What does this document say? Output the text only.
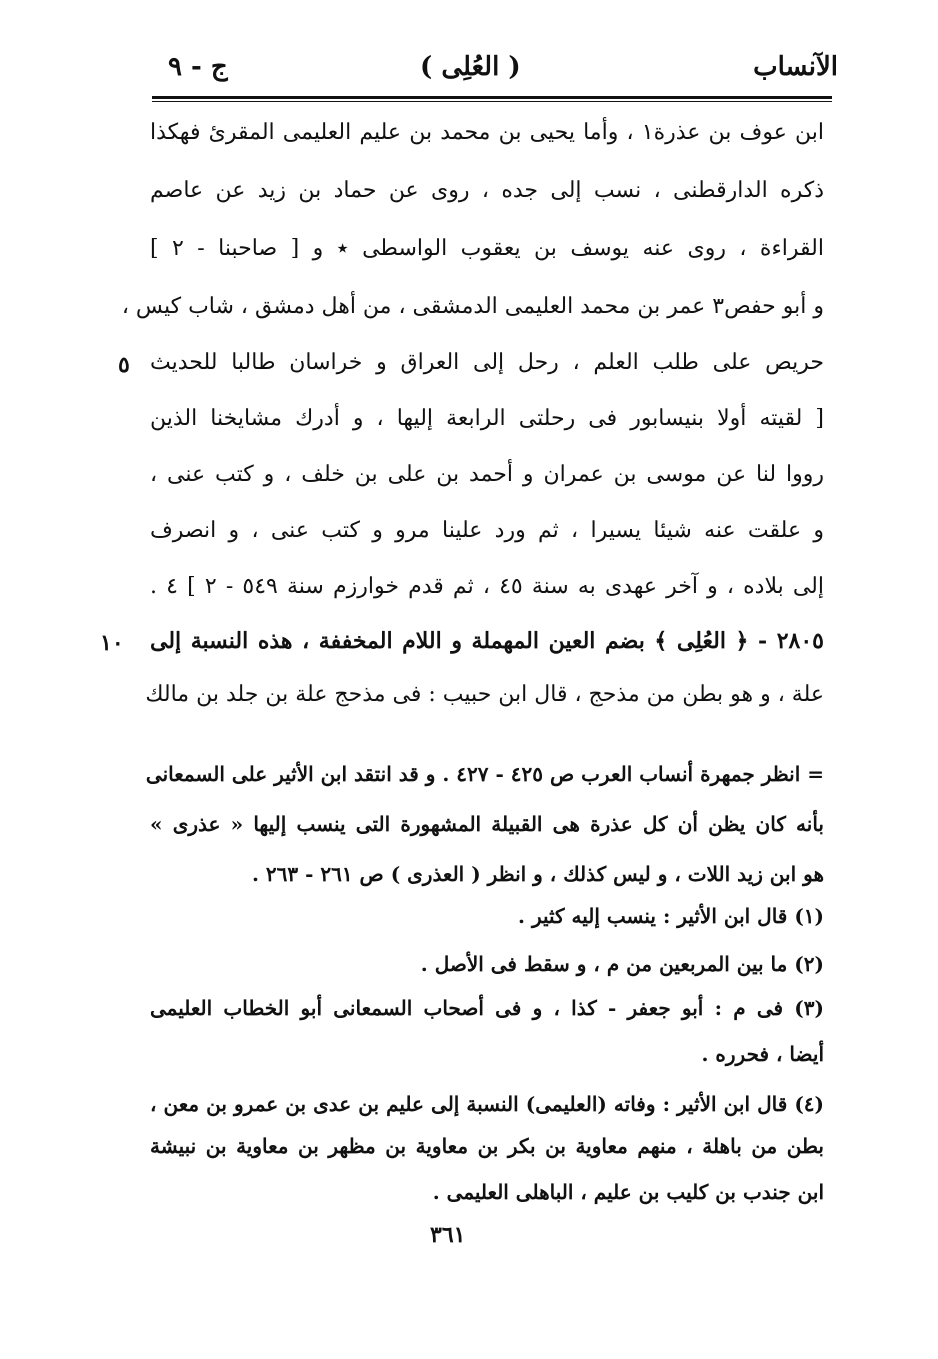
الآنساب
( العُلِى )
ج - ٩
ابن عوف بن عذرة١ ، وأما يحيى بن محمد بن عليم العليمى المقرئ فهكذا
ذكره الدارقطنى ، نسب إلى جده ، روى عن حماد بن زيد عن عاصم
القراءة ، روى عنه يوسف بن يعقوب الواسطى ٭ و [ صاحبنا - ٢ ]
و أبو حفص٣ عمر بن محمد العليمى الدمشقى ، من أهل دمشق ، شاب كيس ،
حريص على طلب العلم ، رحل إلى العراق و خراسان طالبا للحديث
[ لقيته أولا بنيسابور فى رحلتى الرابعة إليها ، و أدرك مشايخنا الذين
رووا لنا عن موسى بن عمران و أحمد بن على بن خلف ، و كتب عنى ،
و علقت عنه شيئا يسيرا ، ثم ورد علينا مرو و كتب عنى ، و انصرف
إلى بلاده ، و آخر عهدى به سنة ٤٥ ، ثم قدم خوارزم سنة ٥٤٩ - ٢ ] ٤ .
٢٨٠٥ - ﴿ العُلِى ﴾ بضم العين المهملة و اللام المخففة ، هذه النسبة إلى
علة ، و هو بطن من مذحج ، قال ابن حبيب : فى مذحج علة بن جلد بن مالك
٥
١٠
= انظر جمهرة أنساب العرب ص ٤٢٥ - ٤٢٧ . و قد انتقد ابن الأثير على السمعانى
بأنه كان يظن أن كل عذرة هى القبيلة المشهورة التى ينسب إليها « عذرى »
هو ابن زيد اللات ، و ليس كذلك ، و انظر ( العذرى ) ص ٢٦١ - ٢٦٣ .
(١) قال ابن الأثير : ينسب إليه كثير .
(٢) ما بين المربعين من م ، و سقط فى الأصل .
(٣) فى م : أبو جعفر - كذا ، و فى أصحاب السمعانى أبو الخطاب العليمى
أيضا ، فحرره .
(٤) قال ابن الأثير : وفاته (العليمى) النسبة إلى عليم بن عدى بن عمرو بن معن ،
بطن من باهلة ، منهم معاوية بن بكر بن معاوية بن مظهر بن معاوية بن نبيشة
ابن جندب بن كليب بن عليم ، الباهلى العليمى .
٣٦١
